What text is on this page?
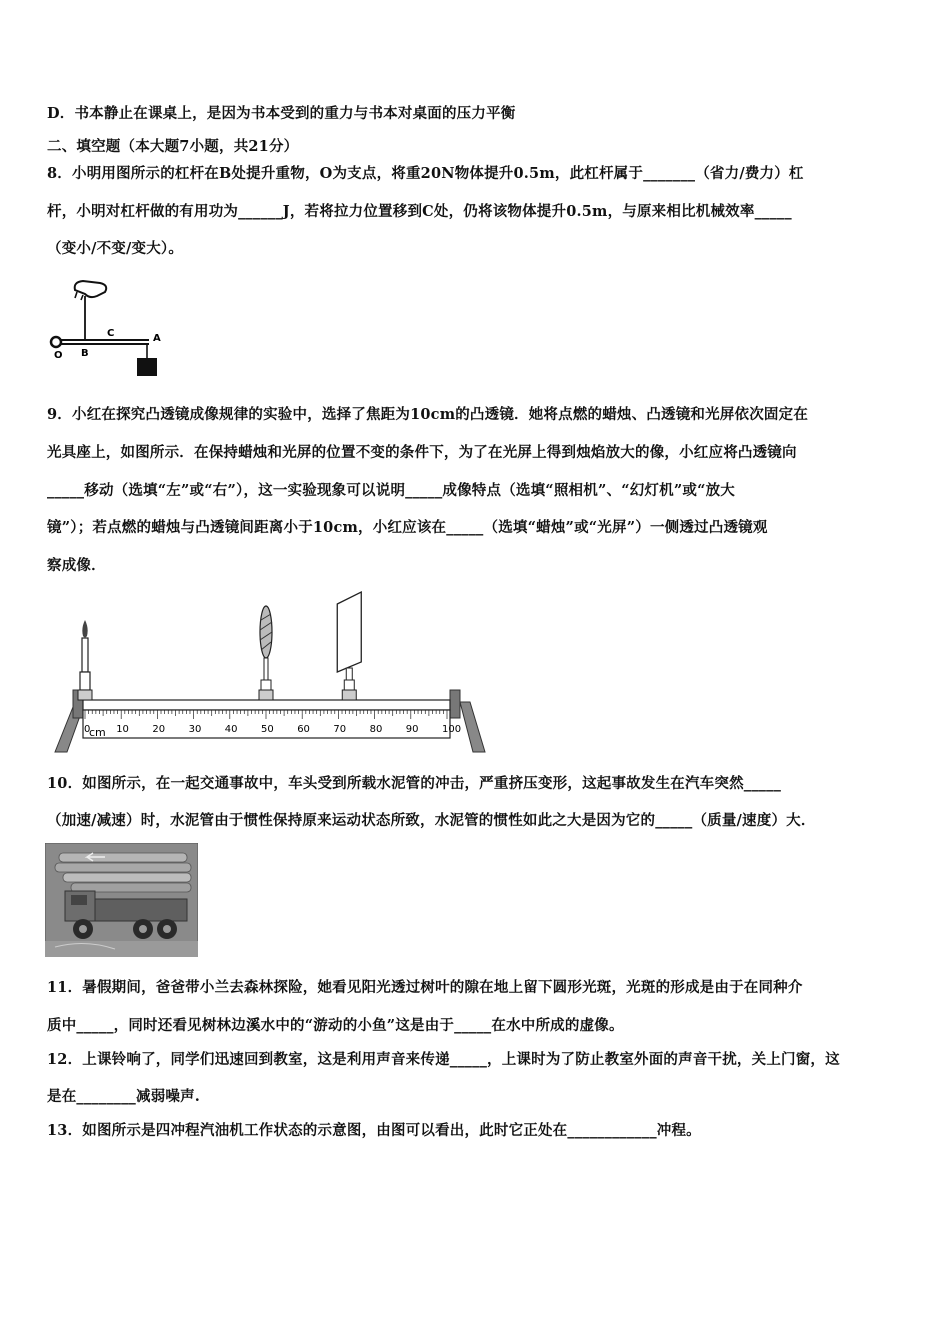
D．书本静止在课桌上，是因为书本受到的重力与书本对桌面的压力平衡
二、填空题（本大题7小题，共21分）
8．小明用图所示的杠杆在B处提升重物，O为支点，将重20N物体提升0.5m，此杠杆属于_______（省力/费力）杠
杆，小明对杠杆做的有用功为______J，若将拉力位置移到C处，仍将该物体提升0.5m，与原来相比机械效率_____
（变小/不变/变大）。
O B
C	A
9．小红在探究凸透镜成像规律的实验中，选择了焦距为10cm的凸透镜．她将点燃的蜡烛、凸透镜和光屏依次固定在
光具座上，如图所示．在保持蜡烛和光屏的位置不变的条件下，为了在光屏上得到烛焰放大的像，小红应将凸透镜向
_____移动（选填“左”或“右”），这一实验现象可以说明_____成像特点（选填“照相机”、“幻灯机”或“放大
镜”）；若点燃的蜡烛与凸透镜间距离小于10cm，小红应该在_____（选填“蜡烛”或“光屏”）一侧透过凸透镜观
察成像．
10 20 30 40 50 60 70 80 90 100
0
cm
10．如图所示，在一起交通事故中，车头受到所载水泥管的冲击，严重挤压变形，这起事故发生在汽车突然_____
（加速/减速）时，水泥管由于惯性保持原来运动状态所致，水泥管的惯性如此之大是因为它的_____（质量/速度）大．
11．暑假期间，爸爸带小兰去森林探险，她看见阳光透过树叶的隙在地上留下圆形光斑，光斑的形成是由于在同种介
质中_____，同时还看见树林边溪水中的“游动的小鱼”这是由于_____在水中所成的虚像。
12．上课铃响了，同学们迅速回到教室，这是利用声音来传递_____，上课时为了防止教室外面的声音干扰，关上门窗，这
是在________减弱噪声.
13．如图所示是四冲程汽油机工作状态的示意图，由图可以看出，此时它正处在____________冲程。
